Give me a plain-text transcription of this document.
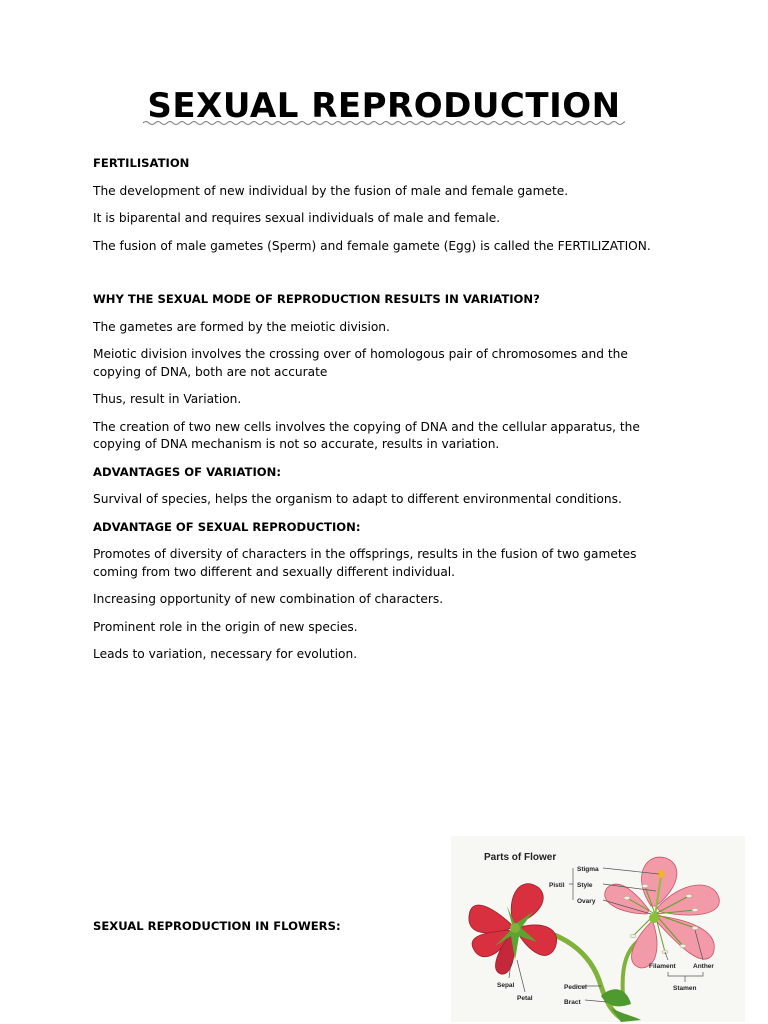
SEXUAL REPRODUCTION
FERTILISATION

The development of new individual by the fusion of male and female gamete.

It is biparental and requires sexual individuals of male and female.

The fusion of male gametes (Sperm) and female gamete (Egg) is called the FERTILIZATION.

WHY THE SEXUAL MODE OF REPRODUCTION RESULTS IN VARIATION?

The gametes are formed by the meiotic division.

Meiotic division involves the crossing over of homologous pair of chromosomes and the copying of DNA, both are not accurate

Thus, result in Variation.

The creation of two new cells involves the copying of DNA and the cellular apparatus, the copying of DNA mechanism is not so accurate, results in variation.

ADVANTAGES OF VARIATION:

Survival of species, helps the organism to adapt to different environmental conditions.

ADVANTAGE OF SEXUAL REPRODUCTION:

Promotes of diversity of characters in the offsprings, results in the fusion of two gametes coming from two different and sexually different individual.

Increasing opportunity of new combination of characters.

Prominent role in the origin of new species.

Leads to variation, necessary for evolution.

SEXUAL REPRODUCTION IN FLOWERS:
Parts of Flower
Stigma
Style
Ovary
Pistil
Filament	Anther
Stamen
Sepal
Petal
Pedicel
Bract
